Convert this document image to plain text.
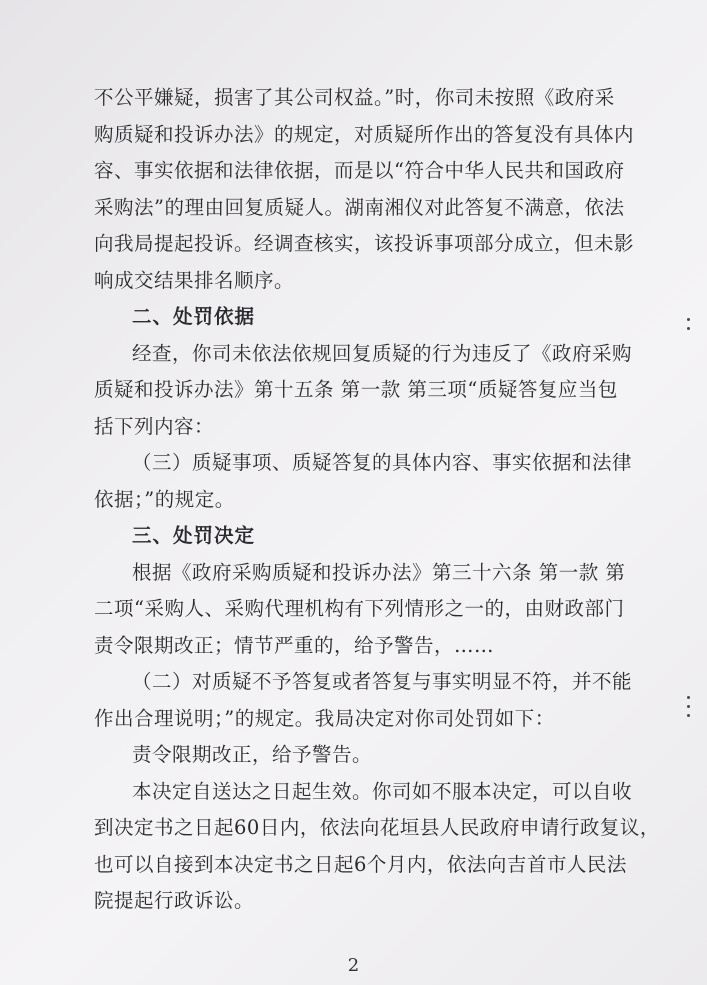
不公平嫌疑，损害了其公司权益。”时，你司未按照《政府采
购质疑和投诉办法》的规定，对质疑所作出的答复没有具体内
容、事实依据和法律依据，而是以“符合中华人民共和国政府
采购法”的理由回复质疑人。湖南湘仪对此答复不满意，依法
向我局提起投诉。经调查核实，该投诉事项部分成立，但未影
响成交结果排名顺序。
二、处罚依据
经查，你司未依法依规回复质疑的行为违反了《政府采购
质疑和投诉办法》第十五条 第一款 第三项“质疑答复应当包
括下列内容：
（三）质疑事项、质疑答复的具体内容、事实依据和法律
依据；”的规定。
三、处罚决定
根据《政府采购质疑和投诉办法》第三十六条 第一款 第
二项“采购人、采购代理机构有下列情形之一的，由财政部门
责令限期改正；情节严重的，给予警告，……
（二）对质疑不予答复或者答复与事实明显不符，并不能
作出合理说明；”的规定。我局决定对你司处罚如下：
责令限期改正，给予警告。
本决定自送达之日起生效。你司如不服本决定，可以自收
到决定书之日起60日内，依法向花垣县人民政府申请行政复议，
也可以自接到本决定书之日起6个月内，依法向吉首市人民法
院提起行政诉讼。
2
